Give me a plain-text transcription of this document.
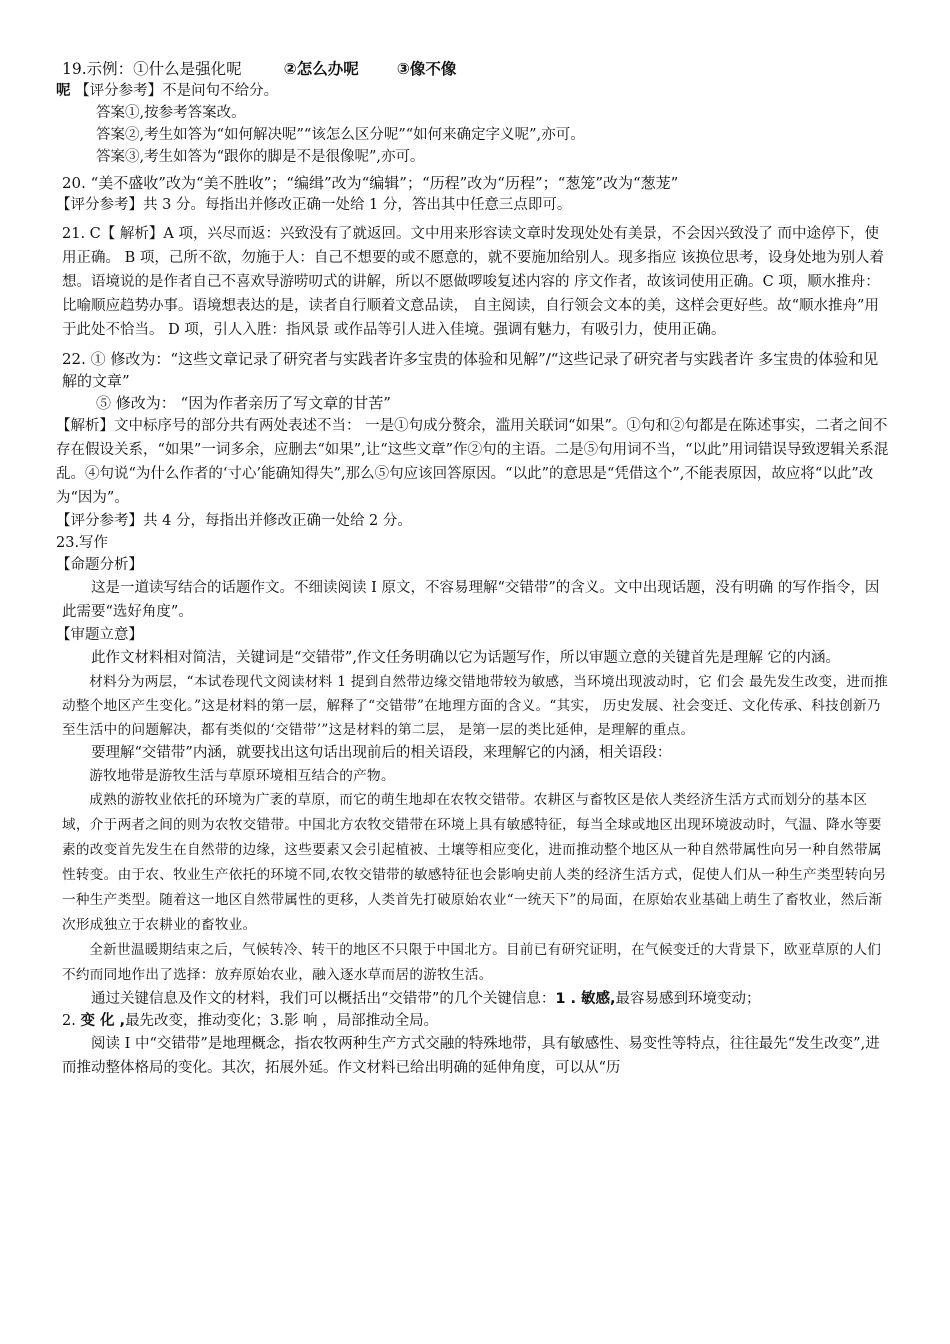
19.示例：①什么是强化呢	②怎么办呢 ③像不像

呢 【评分参考】不是问句不给分。

答案①,按参考答案改。

答案②,考生如答为“如何解决呢”“该怎么区分呢”“如何来确定字义呢”,亦可。

答案③,考生如答为“跟你的脚是不是很像呢”,亦可。

20. “美不盛收”改为“美不胜收”；“编缉”改为“编辑”；“历程”改为“历程”；“葱笼”改为“葱茏”

【评分参考】共 3 分。每指出并修改正确一处给 1 分，答出其中任意三点即可。

21. C【 解析】A 项，兴尽而返：兴致没有了就返回。文中用来形容读文章时发现处处有美景，不会因兴致没了 而中途停下，使用正确。 B 项，己所不欲，勿施于人：自己不想要的或不愿意的，就不要施加给别人。现多指应 该换位思考，设身处地为别人着想。语境说的是作者自己不喜欢导游唠叨式的讲解，所以不愿做啰唆复述内容的 序文作者，故该词使用正确。C 项，顺水推舟：比喻顺应趋势办事。语境想表达的是，读者自行顺着文意品读， 自主阅读，自行领会文本的美，这样会更好些。故“顺水推舟”用于此处不恰当。 D 项，引人入胜：指风景 或作品等引人进入佳境。强调有魅力，有吸引力，使用正确。

22. ① 修改为：“这些文章记录了研究者与实践者许多宝贵的体验和见解”/“这些记录了研究者与实践者许 多宝贵的体验和见解的文章”

⑤ 修改为： “因为作者亲历了写文章的甘苦”

【解析】文中标序号的部分共有两处表述不当： 一是①句成分赘余，滥用关联词“如果”。①句和②句都是在陈述事实，二者之间不存在假设关系，“如果”一词多余，应删去“如果”,让“这些文章”作②句的主语。二是⑤句用词不当，“以此”用词错误导致逻辑关系混乱。④句说“为什么作者的‘寸心’能确知得失”,那么⑤句应该回答原因。“以此”的意思是“凭借这个”,不能表原因，故应将“以此”改为“因为”。

【评分参考】共 4 分，每指出并修改正确一处给 2 分。

23.写作

【命题分析】

这是一道读写结合的话题作文。不细读阅读 I 原文，不容易理解“交错带”的含义。文中出现话题，没有明确 的写作指令，因此需要“选好角度”。

【审题立意】

此作文材料相对简洁，关键词是“交错带”,作文任务明确以它为话题写作，所以审题立意的关键首先是理解 它的内涵。

材料分为两层，“本试卷现代文阅读材料 1 提到自然带边缘交错地带较为敏感，当环境出现波动时，它 们会 最先发生改变，进而推动整个地区产生变化。”这是材料的第一层，解释了“交错带”在地理方面的含义。“其实， 历史发展、社会变迁、文化传承、科技创新乃至生活中的问题解决，都有类似的‘交错带’”这是材料的第二层， 是第一层的类比延伸，是理解的重点。

要理解“交错带”内涵，就要找出这句话出现前后的相关语段，来理解它的内涵，相关语段：

游牧地带是游牧生活与草原环境相互结合的产物。

成熟的游牧业依托的环境为广袤的草原，而它的萌生地却在农牧交错带。农耕区与畜牧区是依人类经济生活方式而划分的基本区域，介于两者之间的则为农牧交错带。中国北方农牧交错带在环境上具有敏感特征，每当全球或地区出现环境波动时，气温、降水等要素的改变首先发生在自然带的边缘，这些要素又会引起植被、土壤等相应变化，进而推动整个地区从一种自然带属性向另一种自然带属性转变。由于农、牧业生产依托的环境不同,农牧交错带的敏感特征也会影响史前人类的经济生活方式，促使人们从一种生产类型转向另一种生产类型。随着这一地区自然带属性的更移，人类首先打破原始农业“一统天下”的局面，在原始农业基础上萌生了畜牧业，然后渐次形成独立于农耕业的畜牧业。

全新世温暖期结束之后，气候转冷、转干的地区不只限于中国北方。目前已有研究证明，在气候变迁的大背景下，欧亚草原的人们不约而同地作出了选择：放弃原始农业，融入逐水草而居的游牧生活。

通过关键信息及作文的材料，我们可以概括出“交错带”的几个关键信息：1 . 敏感,最容易感到环境变动；

2. 变 化 ,最先改变，推动变化；3.影 响 ，局部推动全局。

阅读 I 中“交错带”是地理概念，指农牧两种生产方式交融的特殊地带，具有敏感性、易变性等特点，往往最先“发生改变”,进而推动整体格局的变化。其次，拓展外延。作文材料已给出明确的延伸角度，可以从“历
